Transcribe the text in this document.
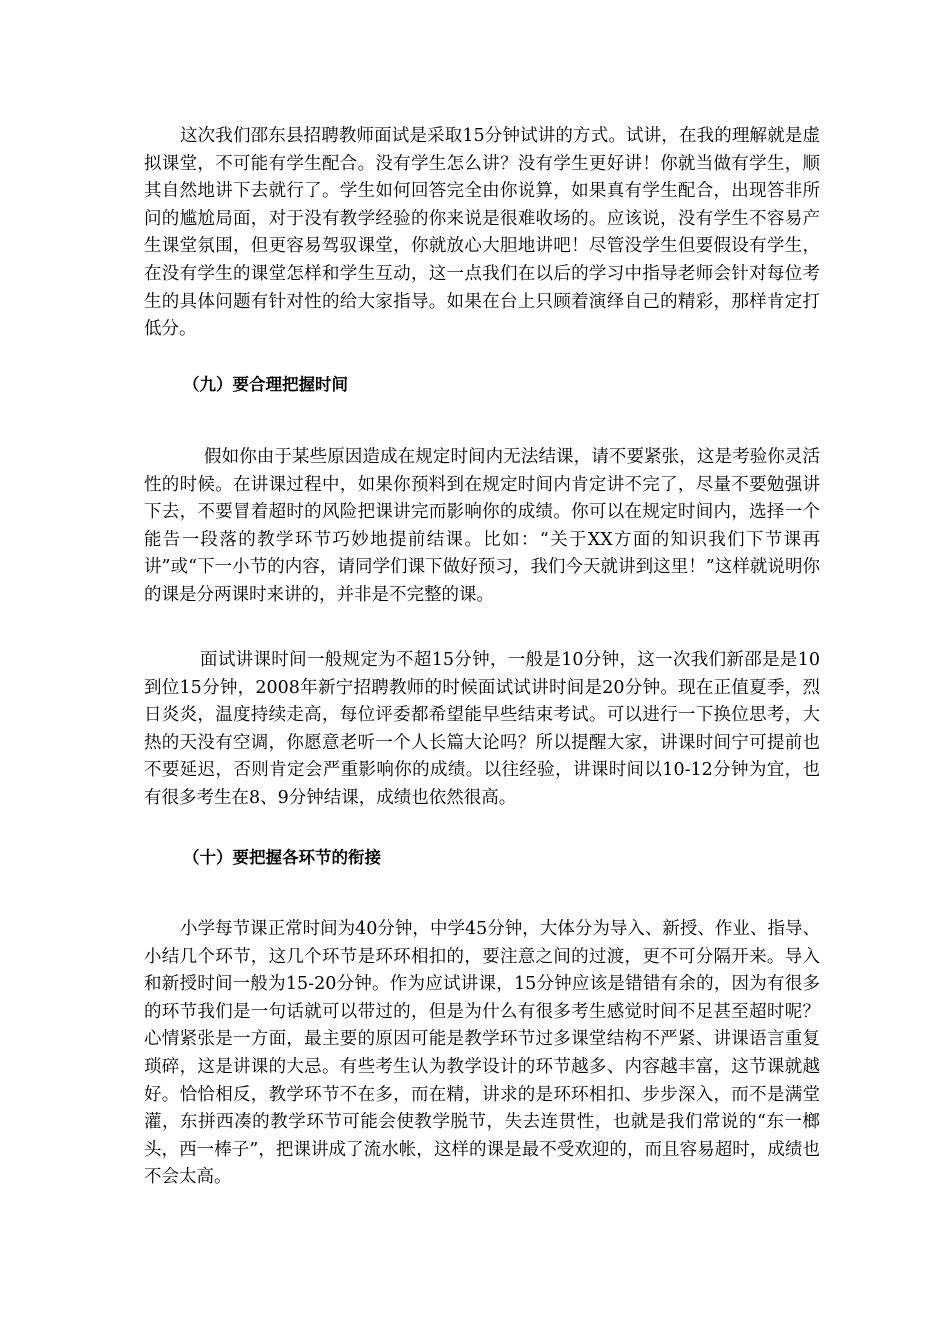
这次我们邵东县招聘教师面试是采取15分钟试讲的方式。试讲，在我的理解就是虚拟课堂，不可能有学生配合。没有学生怎么讲？没有学生更好讲！你就当做有学生，顺其自然地讲下去就行了。学生如何回答完全由你说算，如果真有学生配合，出现答非所问的尴尬局面，对于没有教学经验的你来说是很难收场的。应该说，没有学生不容易产生课堂氛围，但更容易驾驭课堂，你就放心大胆地讲吧！尽管没学生但要假设有学生，在没有学生的课堂怎样和学生互动，这一点我们在以后的学习中指导老师会针对每位考生的具体问题有针对性的给大家指导。如果在台上只顾着演绎自己的精彩，那样肯定打低分。

（九）要合理把握时间

假如你由于某些原因造成在规定时间内无法结课，请不要紧张，这是考验你灵活性的时候。在讲课过程中，如果你预料到在规定时间内肯定讲不完了，尽量不要勉强讲下去，不要冒着超时的风险把课讲完而影响你的成绩。你可以在规定时间内，选择一个能告一段落的教学环节巧妙地提前结课。比如：“关于XX方面的知识我们下节课再讲”或“下一小节的内容，请同学们课下做好预习，我们今天就讲到这里！”这样就说明你的课是分两课时来讲的，并非是不完整的课。

面试讲课时间一般规定为不超15分钟，一般是10分钟，这一次我们新邵是是10到位15分钟，2008年新宁招聘教师的时候面试试讲时间是20分钟。现在正值夏季，烈日炎炎，温度持续走高，每位评委都希望能早些结束考试。可以进行一下换位思考，大热的天没有空调，你愿意老听一个人长篇大论吗？所以提醒大家，讲课时间宁可提前也不要延迟，否则肯定会严重影响你的成绩。以往经验，讲课时间以10-12分钟为宜，也有很多考生在8、9分钟结课，成绩也依然很高。

（十）要把握各环节的衔接

小学每节课正常时间为40分钟，中学45分钟，大体分为导入、新授、作业、指导、小结几个环节，这几个环节是环环相扣的，要注意之间的过渡，更不可分隔开来。导入和新授时间一般为15-20分钟。作为应试讲课，15分钟应该是错错有余的，因为有很多的环节我们是一句话就可以带过的，但是为什么有很多考生感觉时间不足甚至超时呢？心情紧张是一方面，最主要的原因可能是教学环节过多课堂结构不严紧、讲课语言重复琐碎，这是讲课的大忌。有些考生认为教学设计的环节越多、内容越丰富，这节课就越好。恰恰相反，教学环节不在多，而在精，讲求的是环环相扣、步步深入，而不是满堂灌，东拼西凑的教学环节可能会使教学脱节，失去连贯性，也就是我们常说的“东一榔头，西一棒子”，把课讲成了流水帐，这样的课是最不受欢迎的，而且容易超时，成绩也不会太高。
